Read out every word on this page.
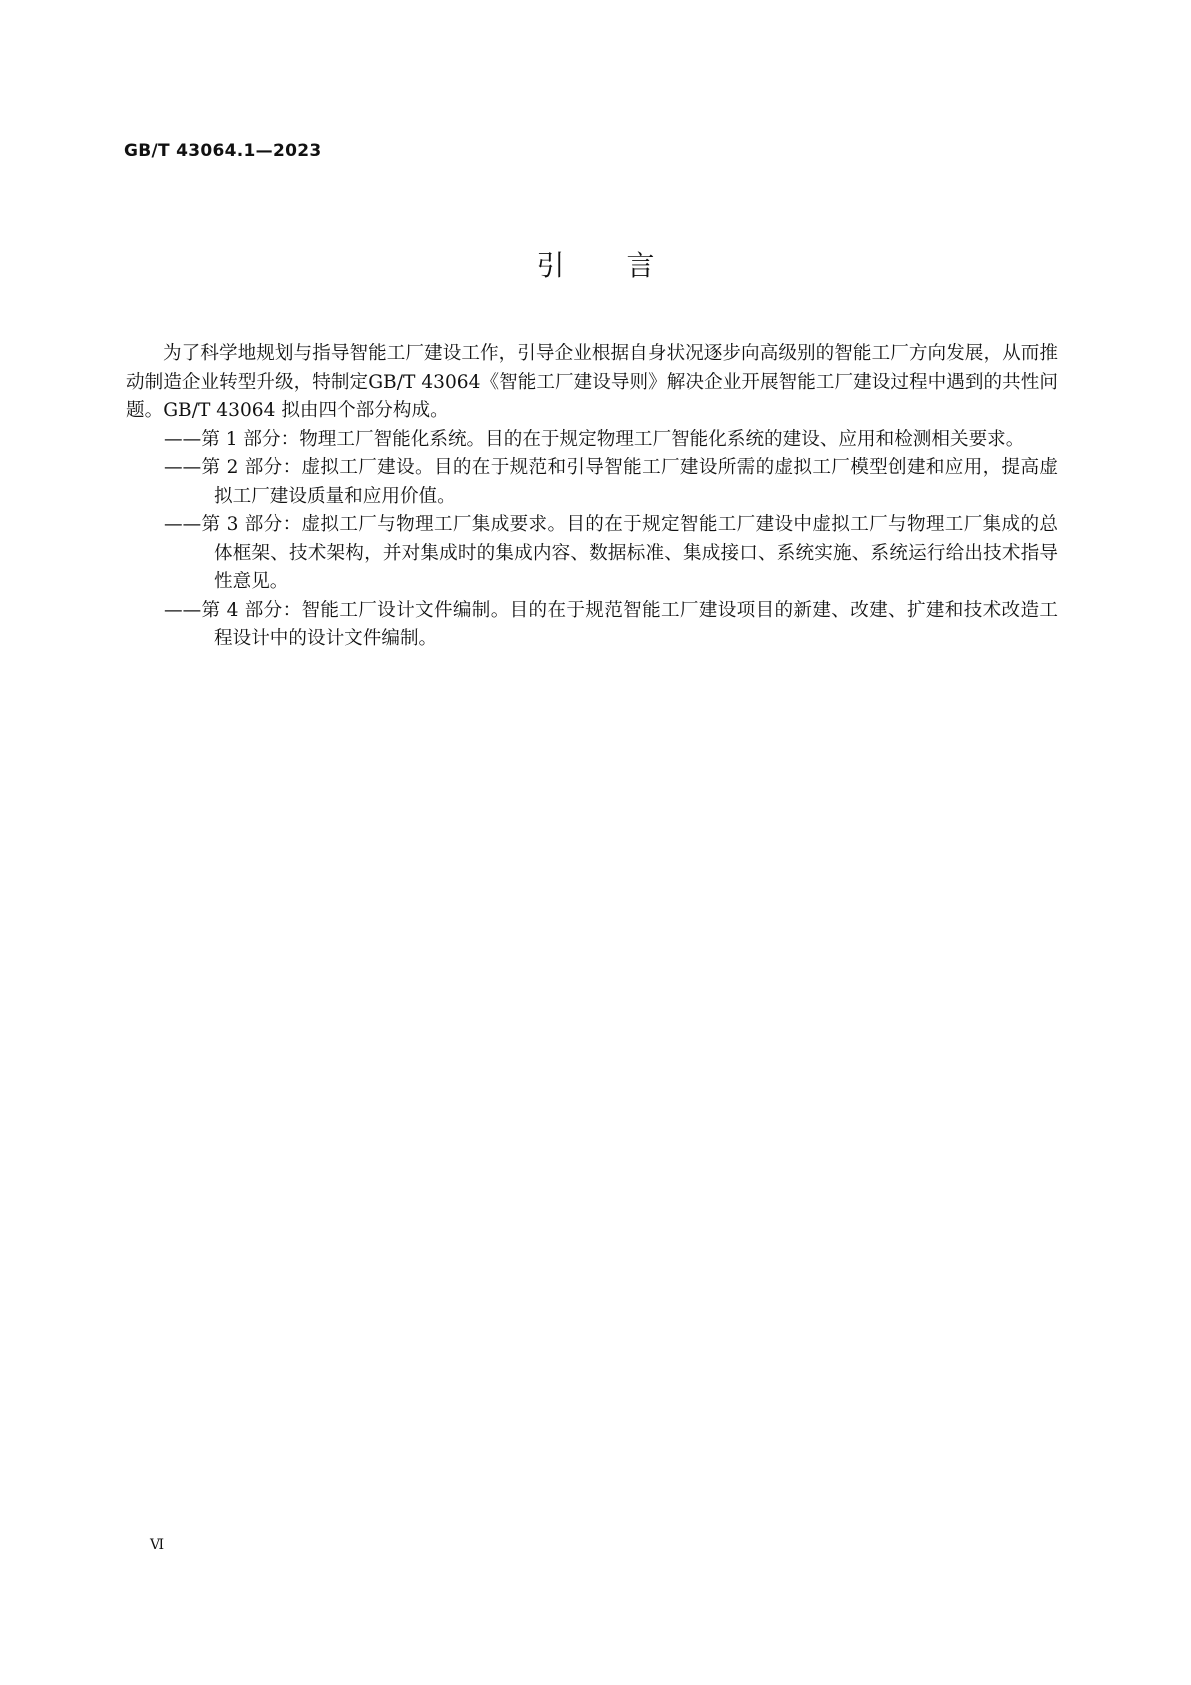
GB/T 43064.1—2023
引言

为了科学地规划与指导智能工厂建设工作，引导企业根据自身状况逐步向高级别的智能工厂方向发展，从而推动制造企业转型升级，特制定GB/T 43064《智能工厂建设导则》解决企业开展智能工厂建设过程中遇到的共性问题。GB/T 43064 拟由四个部分构成。

——第 1 部分：物理工厂智能化系统。目的在于规定物理工厂智能化系统的建设、应用和检测相关要求。

——第 2 部分：虚拟工厂建设。目的在于规范和引导智能工厂建设所需的虚拟工厂模型创建和应用，提高虚拟工厂建设质量和应用价值。

——第 3 部分：虚拟工厂与物理工厂集成要求。目的在于规定智能工厂建设中虚拟工厂与物理工厂集成的总体框架、技术架构，并对集成时的集成内容、数据标准、集成接口、系统实施、系统运行给出技术指导性意见。

——第 4 部分：智能工厂设计文件编制。目的在于规范智能工厂建设项目的新建、改建、扩建和技术改造工程设计中的设计文件编制。

Ⅵ
